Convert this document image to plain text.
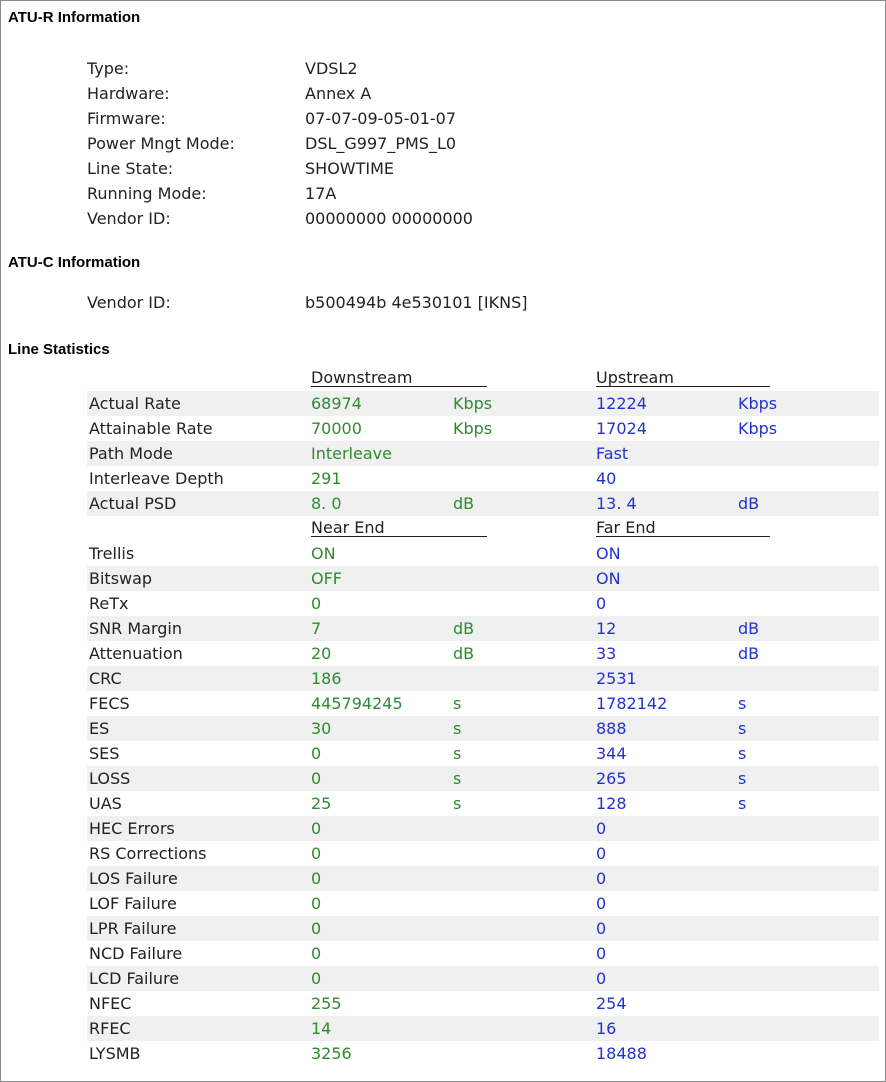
ATU-R Information
Type:	VDSL2
Hardware:	Annex A
Firmware:	07-07-09-05-01-07
Power Mngt Mode:	DSL_G997_PMS_L0
Line State:	SHOWTIME
Running Mode:	17A
Vendor ID:	00000000 00000000
ATU-C Information
Vendor ID:	b500494b 4e530101 [IKNS]
Line Statistics
Downstream	Upstream
Actual Rate	68974	Kbps	12224	Kbps
Attainable Rate	70000	Kbps	17024	Kbps
Path Mode	Interleave	Fast
Interleave Depth	291	40
Actual PSD	8. 0	dB	13. 4	dB
Near End	Far End
Trellis	ON	ON
Bitswap	OFF	ON
ReTx	0	0
SNR Margin	7	dB	12	dB
Attenuation	20	dB	33	dB
CRC	186	2531
FECS	445794245	s	1782142	s
ES	30	s	888	s
SES	0	s	344	s
LOSS	0	s	265	s
UAS	25	s	128	s
HEC Errors	0	0
RS Corrections	0	0
LOS Failure	0	0
LOF Failure	0	0
LPR Failure	0	0
NCD Failure	0	0
LCD Failure	0	0
NFEC	255	254
RFEC	14	16
LYSMB	3256	18488
